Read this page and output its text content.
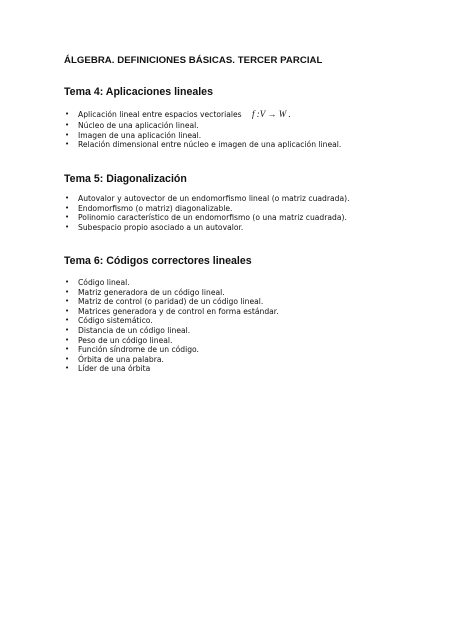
ÁLGEBRA. DEFINICIONES BÁSICAS. TERCER PARCIAL
Tema 4: Aplicaciones lineales
• Aplicación lineal entre espacios vectoriales f :V → W .
• Núcleo de una aplicación lineal.
• Imagen de una aplicación lineal.
• Relación dimensional entre núcleo e imagen de una aplicación lineal.
Tema 5: Diagonalización
• Autovalor y autovector de un endomorfismo lineal (o matriz cuadrada).
• Endomorfismo (o matriz) diagonalizable.
• Polinomio característico de un endomorfismo (o una matriz cuadrada).
• Subespacio propio asociado a un autovalor.
Tema 6: Códigos correctores lineales
• Código lineal.
• Matriz generadora de un código lineal.
• Matriz de control (o paridad) de un código lineal.
• Matrices generadora y de control en forma estándar.
• Código sistemático.
• Distancia de un código lineal.
• Peso de un código lineal.
• Función síndrome de un código.
• Órbita de una palabra.
• Líder de una órbita
